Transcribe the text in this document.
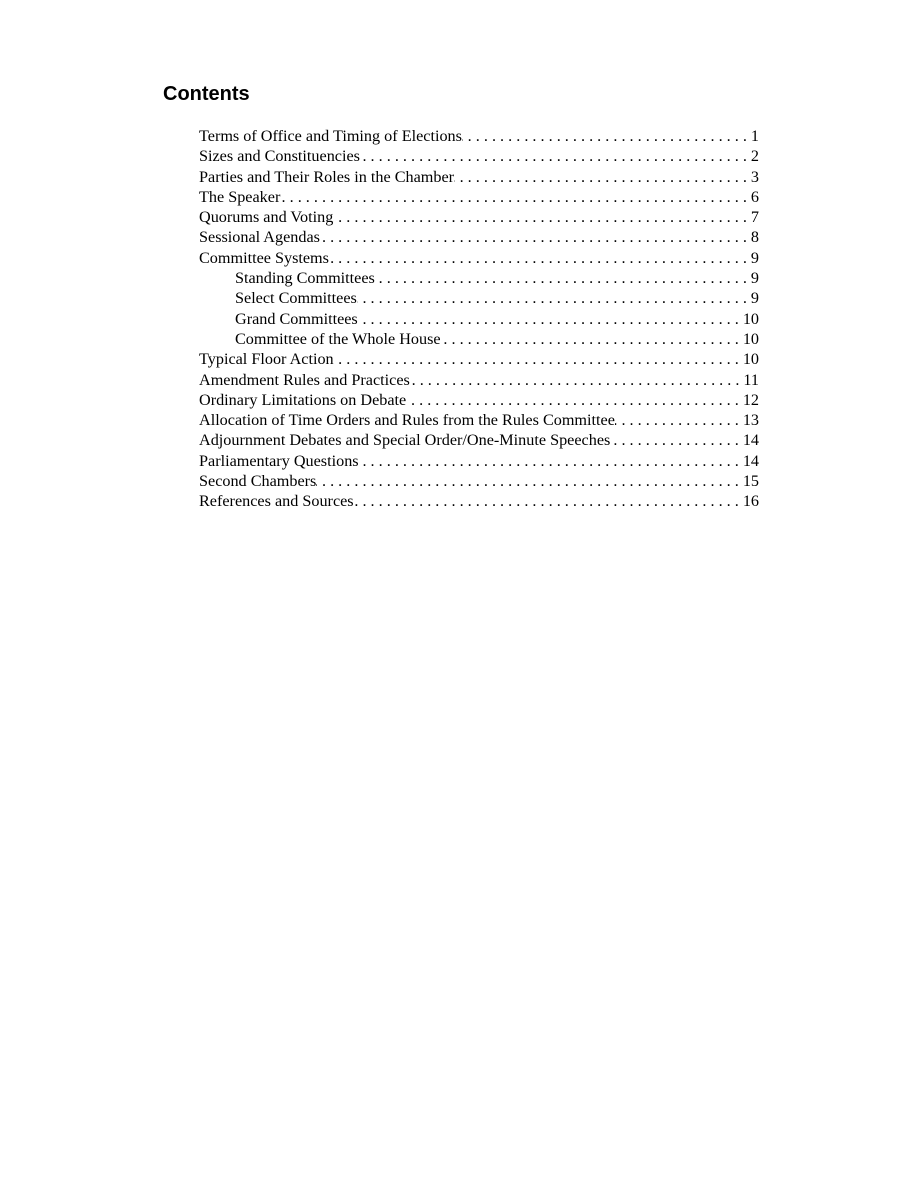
Contents
Terms of Office and Timing of Elections . . .	1
Sizes and Constituencies . . .	2
Parties and Their Roles in the Chamber . . .	3
The Speaker . . .	6
Quorums and Voting . . .	7
Sessional Agendas . . .	8
Committee Systems . . .	9
Standing Committees . . .	9
Select Committees . . .	9
Grand Committees . . .	10
Committee of the Whole House . . .	10
Typical Floor Action . . .	10
Amendment Rules and Practices . . .	11
Ordinary Limitations on Debate . . .	12
Allocation of Time Orders and Rules from the Rules Committee . . .	13
Adjournment Debates and Special Order/One-Minute Speeches . . .	14
Parliamentary Questions . . .	14
Second Chambers . . .	15
References and Sources . . .	16
